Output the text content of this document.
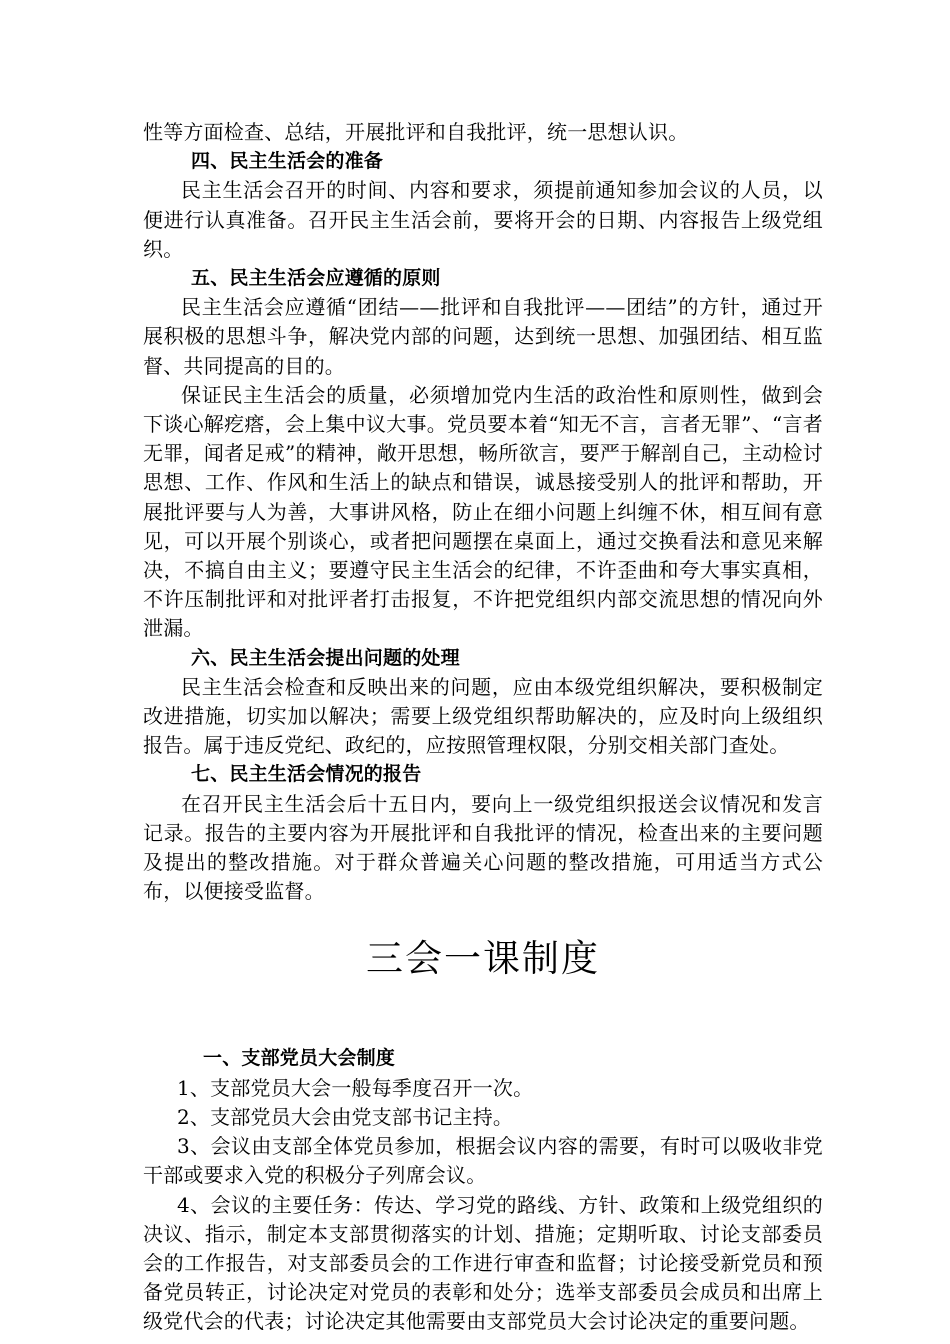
性等方面检查、总结，开展批评和自我批评，统一思想认识。

四、民主生活会的准备

民主生活会召开的时间、内容和要求，须提前通知参加会议的人员，以便进行认真准备。召开民主生活会前，要将开会的日期、内容报告上级党组织。

五、民主生活会应遵循的原则

民主生活会应遵循“团结——批评和自我批评——团结”的方针，通过开展积极的思想斗争，解决党内部的问题，达到统一思想、加强团结、相互监督、共同提高的目的。

保证民主生活会的质量，必须增加党内生活的政治性和原则性，做到会下谈心解疙瘩，会上集中议大事。党员要本着“知无不言，言者无罪”、“言者无罪，闻者足戒”的精神，敞开思想，畅所欲言，要严于解剖自己，主动检讨思想、工作、作风和生活上的缺点和错误，诚恳接受别人的批评和帮助，开展批评要与人为善，大事讲风格，防止在细小问题上纠缠不休，相互间有意见，可以开展个别谈心，或者把问题摆在桌面上，通过交换看法和意见来解决，不搞自由主义；要遵守民主生活会的纪律，不许歪曲和夸大事实真相，不许压制批评和对批评者打击报复，不许把党组织内部交流思想的情况向外泄漏。

六、民主生活会提出问题的处理

民主生活会检查和反映出来的问题，应由本级党组织解决，要积极制定改进措施，切实加以解决；需要上级党组织帮助解决的，应及时向上级组织报告。属于违反党纪、政纪的，应按照管理权限，分别交相关部门查处。

七、民主生活会情况的报告

在召开民主生活会后十五日内，要向上一级党组织报送会议情况和发言记录。报告的主要内容为开展批评和自我批评的情况，检查出来的主要问题及提出的整改措施。对于群众普遍关心问题的整改措施，可用适当方式公布，以便接受监督。

三会一课制度

一、支部党员大会制度

1、支部党员大会一般每季度召开一次。

2、支部党员大会由党支部书记主持。

3、会议由支部全体党员参加，根据会议内容的需要，有时可以吸收非党干部或要求入党的积极分子列席会议。

4、会议的主要任务：传达、学习党的路线、方针、政策和上级党组织的决议、指示，制定本支部贯彻落实的计划、措施；定期听取、讨论支部委员会的工作报告，对支部委员会的工作进行审查和监督；讨论接受新党员和预备党员转正，讨论决定对党员的表彰和处分；选举支部委员会成员和出席上级党代会的代表；讨论决定其他需要由支部党员大会讨论决定的重要问题。
